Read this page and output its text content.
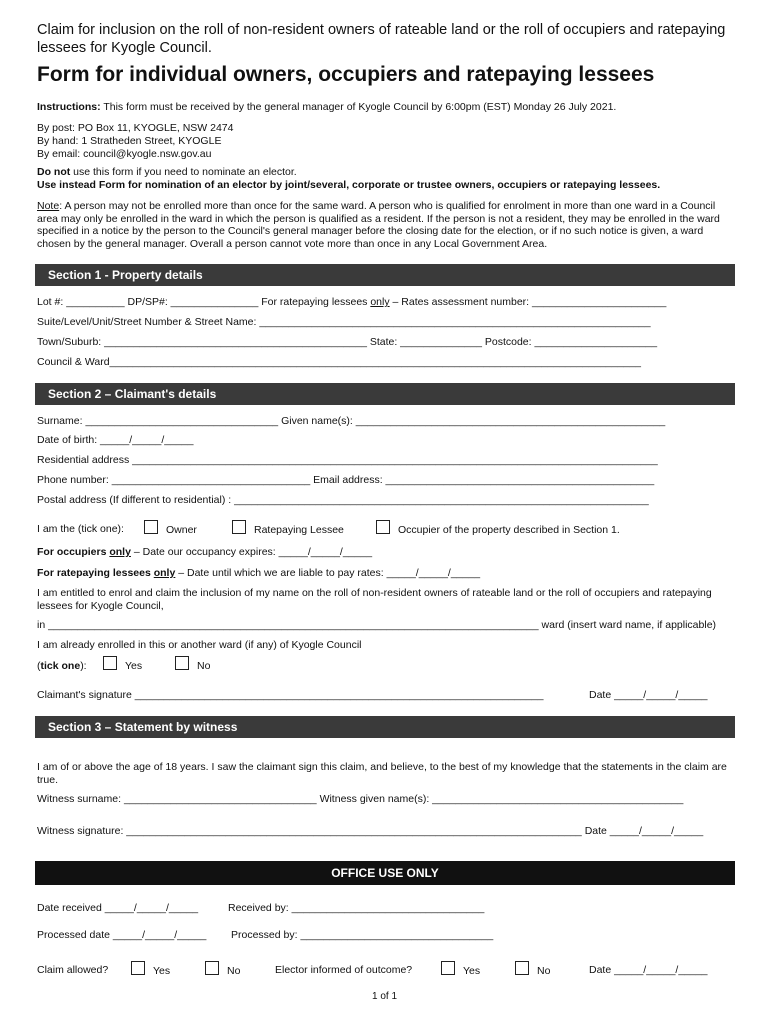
Claim for inclusion on the roll of non-resident owners of rateable land or the roll of occupiers and ratepaying lessees for Kyogle Council.
Form for individual owners, occupiers and ratepaying lessees
Instructions: This form must be received by the general manager of Kyogle Council by 6:00pm (EST) Monday 26 July 2021.
By post: PO Box 11, KYOGLE, NSW 2474
By hand: 1 Stratheden Street, KYOGLE
By email: council@kyogle.nsw.gov.au
Do not use this form if you need to nominate an elector.
Use instead Form for nomination of an elector by joint/several, corporate or trustee owners, occupiers or ratepaying lessees.
Note: A person may not be enrolled more than once for the same ward. A person who is qualified for enrolment in more than one ward in a Council area may only be enrolled in the ward in which the person is qualified as a resident. If the person is not a resident, they may be enrolled in the ward specified in a notice by the person to the Council's general manager before the closing date for the election, or if no such notice is given, a ward chosen by the general manager. Overall a person cannot vote more than once in any Local Government Area.
Section 1 - Property details
Lot #: __________ DP/SP#: _______________ For ratepaying lessees only – Rates assessment number: _______________________
Suite/Level/Unit/Street Number & Street Name: ___________________________________________________________________
Town/Suburb: _____________________________________________ State: ______________ Postcode: _____________________
Council & Ward___________________________________________________________________________________________
Section 2 – Claimant's details
Surname: _________________________________ Given name(s): _____________________________________________________
Date of birth: _____/_____/_____
Residential address __________________________________________________________________________________________
Phone number: __________________________________ Email address: ______________________________________________
Postal address (If different to residential) : _______________________________________________________________________
I am the (tick one):	Owner	Ratepaying Lessee	Occupier of the property described in Section 1.
For occupiers only – Date our occupancy expires: _____/_____/_____
For ratepaying lessees only – Date until which we are liable to pay rates: _____/_____/_____
I am entitled to enrol and claim the inclusion of my name on the roll of non-resident owners of rateable land or the roll of occupiers and ratepaying lessees for Kyogle Council,
in ____________________________________________________________________________________ ward (insert ward name, if applicable)
I am already enrolled in this or another ward (if any) of Kyogle Council
(tick one):	Yes	No
Claimant's signature ______________________________________________________________________	Date _____/_____/_____
Section 3 – Statement by witness
I am of or above the age of 18 years. I saw the claimant sign this claim, and believe, to the best of my knowledge that the statements in the claim are true.
Witness surname: _________________________________ Witness given name(s): ___________________________________________
Witness signature: ______________________________________________________________________________ Date _____/_____/_____
OFFICE USE ONLY
Date received _____/_____/_____	Received by: _________________________________
Processed date _____/_____/_____ Processed by: _________________________________
Claim allowed?	Yes	No	Elector informed of outcome?	Yes	No	Date _____/_____/_____
1 of 1
